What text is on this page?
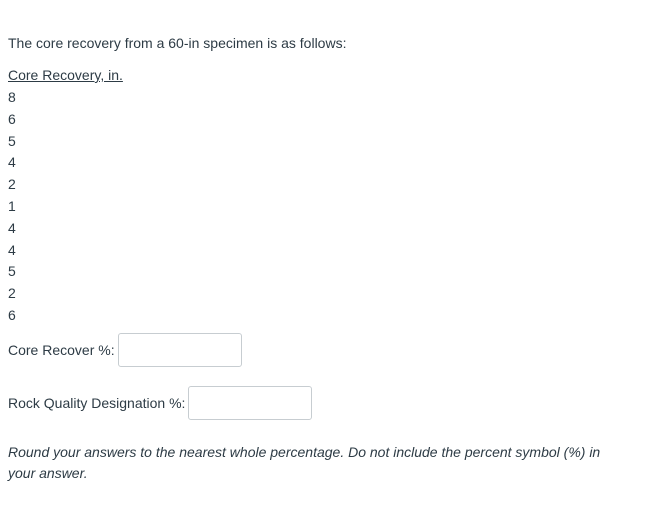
The core recovery from a 60-in specimen is as follows:
Core Recovery, in.
8
6
5
4
2
1
4
4
5
2
6
Core Recover %:
Rock Quality Designation %:
Round your answers to the nearest whole percentage. Do not include the percent symbol (%) in your answer.
